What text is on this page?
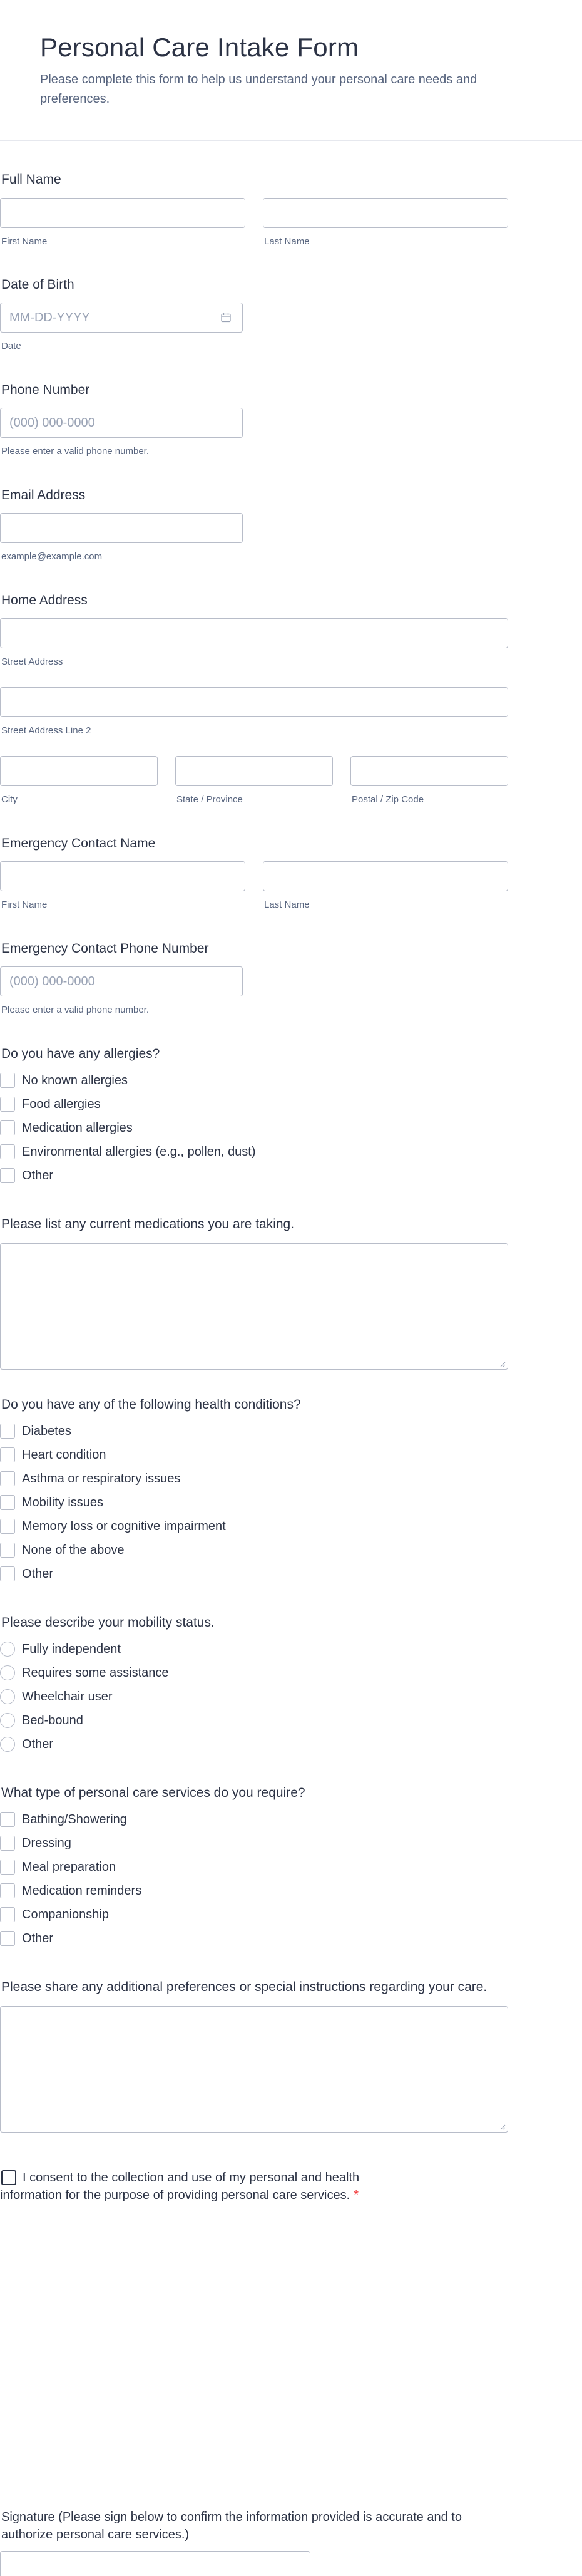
Personal Care Intake Form

Please complete this form to help us understand your personal care needs and preferences.

Full Name
First Name	Last Name
Date of Birth
MM-DD-YYYY
Date
Phone Number
(000) 000-0000
Please enter a valid phone number.
Email Address
example@example.com
Home Address
Street Address
Street Address Line 2
City	State / Province	Postal / Zip Code
Emergency Contact Name
First Name	Last Name
Emergency Contact Phone Number
(000) 000-0000
Please enter a valid phone number.
Do you have any allergies?
No known allergies
Food allergies
Medication allergies
Environmental allergies (e.g., pollen, dust)
Other
Please list any current medications you are taking.
Do you have any of the following health conditions?
Diabetes
Heart condition
Asthma or respiratory issues
Mobility issues
Memory loss or cognitive impairment
None of the above
Other
Please describe your mobility status.
Fully independent
Requires some assistance
Wheelchair user
Bed-bound
Other
What type of personal care services do you require?
Bathing/Showering
Dressing
Meal preparation
Medication reminders
Companionship
Other
Please share any additional preferences or special instructions regarding your care.
I consent to the collection and use of my personal and health
information for the purpose of providing personal care services. *
Signature (Please sign below to confirm the information provided is accurate and to
authorize personal care services.)
